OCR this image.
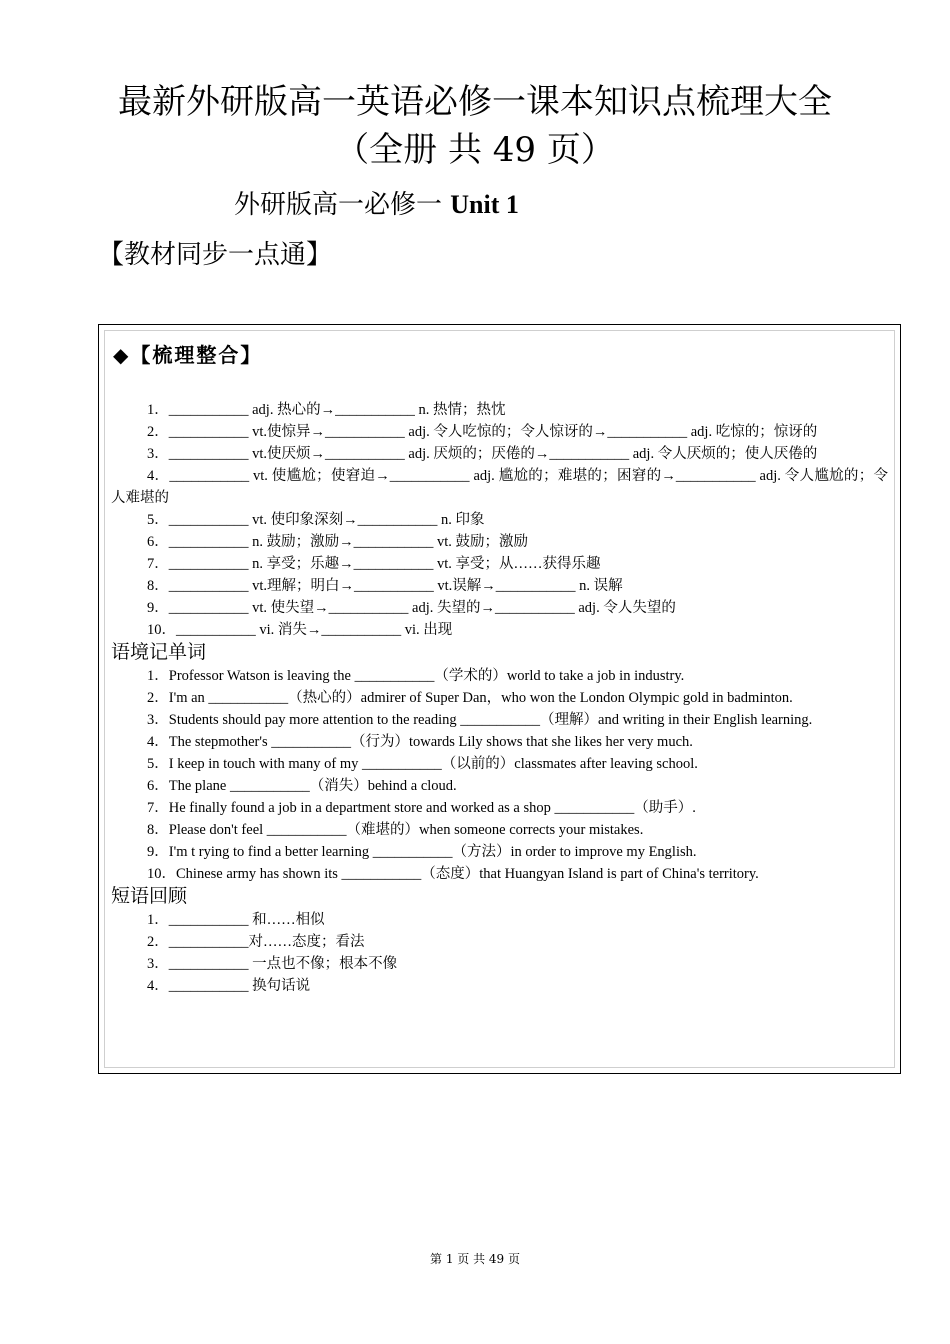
最新外研版高一英语必修一课本知识点梳理大全
（全册 共 49 页）
外研版高一必修一 Unit 1
【教材同步一点通】
◆【梳理整合】
1．___________ adj. 热心的→___________ n. 热情；热忱
2．___________ vt.使惊异→___________ adj. 令人吃惊的；令人惊讶的→___________ adj. 吃惊的；惊讶的
3．___________ vt.使厌烦→___________ adj. 厌烦的；厌倦的→___________ adj. 令人厌烦的；使人厌倦的
4．___________ vt. 使尴尬；使窘迫→___________ adj. 尴尬的；难堪的；困窘的→___________ adj. 令人尴尬的；令人难堪的
5．___________ vt. 使印象深刻→___________ n. 印象
6．___________ n. 鼓励；激励→___________ vt. 鼓励；激励
7．___________ n. 享受；乐趣→___________ vt. 享受；从……获得乐趣
8．___________ vt.理解；明白→___________ vt.误解→___________ n. 误解
9．___________ vt. 使失望→___________ adj. 失望的→___________ adj. 令人失望的
10．___________ vi. 消失→___________ vi. 出现
语境记单词
1．Professor Watson is leaving the ___________（学术的）world to take a job in industry.
2．I'm an ___________（热心的）admirer of Super Dan，who won the London Olympic gold in badminton.
3．Students should pay more attention to the reading ___________（理解）and writing in their English learning.
4．The stepmother's ___________（行为）towards Lily shows that she likes her very much.
5．I keep in touch with many of my ___________（以前的）classmates after leaving school.
6．The plane ___________（消失）behind a cloud.
7．He finally found a job in a department store and worked as a shop ___________（助手）.
8．Please don't feel ___________（难堪的）when someone corrects your mistakes.
9．I'm t rying to find a better learning ___________（方法）in order to improve my English.
10．Chinese army has shown its ___________（态度）that Huangyan Island is part of China's territory.
短语回顾
1．___________ 和……相似
2．___________对……态度；看法
3．___________ 一点也不像；根本不像
4．___________ 换句话说
第 1 页 共 49 页
